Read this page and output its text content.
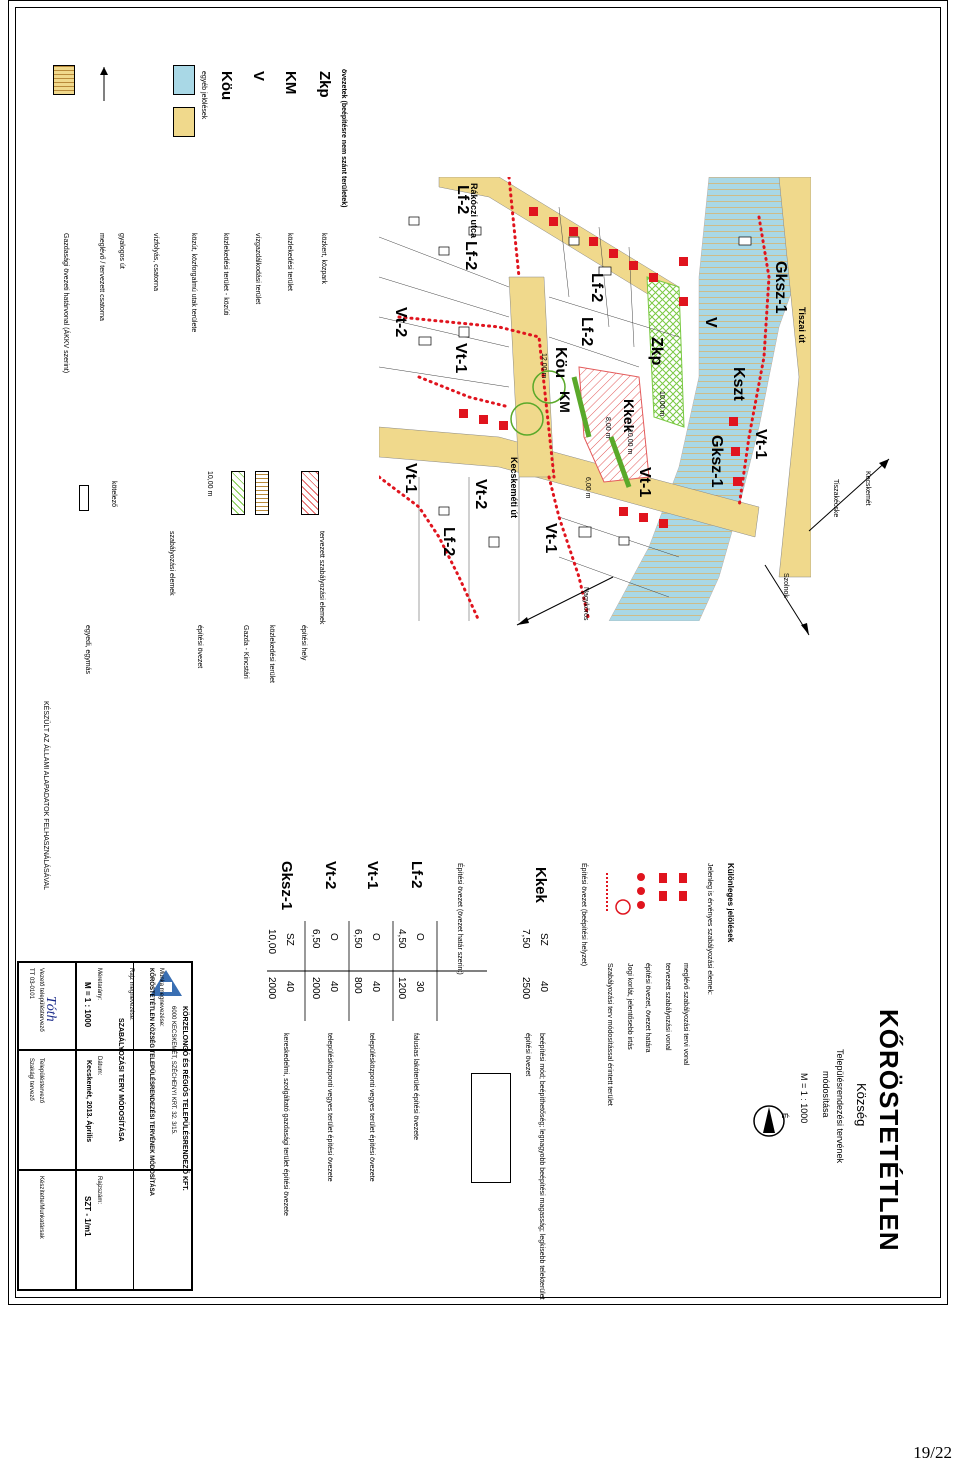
KŐRÖSTETÉTLEN
Község
Településrendezési tervének
módosítása
M = 1 : 1000
É
Különleges jelölések
Jelenleg is érvényes szabályozási elemek:
meglévő szabályozási tervi vonal
tervezett szabályozási vonal
építési övezet, övezet határa
Jogi korlát, jelentősebb irtás
Szabályozási terv módosítással érintett terület
Építési övezet (beépítési helyzet)
Kkek
SZ
40
7,50
2500
beépítési mód; beépíthetőség; legnagyobb beépítési magasság; legkisebb telekterület
építési övezet
Építési övezet (övezet határ szerint)
Lf-2
O
30
4,50
1200
falusias lakóterület építési övezete
Vt-1
O
40
6,50
800
településközponti vegyes terület építési övezete
Vt-2
O
40
6,50
2000
településközponti vegyes terület építési övezete
Gksz-1
SZ
40
10,00
2000
kereskedelmi, szolgáltató gazdasági terület építési övezete
övezetek (beépítésre nem szánt területek)
Zkp
közkert, közpark
KM
közlekedési terület
V
vízgazdálkodási terület
Köu
közlekedési terület - közúti
egyéb jelölések
közút, közforgalmú utak területe
vízfolyás, csatorna
gyalogos út
meglévő / tervezett csatorna
Gazdasági övezeti határvonal (ÁKKV szerint)
tervezett szabályozási elemek
szabályozási elemek
10,00 m
kötelező
építési hely
közlekedési terület
Gazda - Kincstári
építési övezet
egyedi, egymás
KÉSZÜLT AZ ÁLLAMI ALAPADATOK FELHASZNÁLÁSÁVAL
Rákóczi utca
Kecskeméti út
Tiszai út
Lf-2
Lf-2
Lf-2
Lf-2
Vt-2
Vt-1
Vt-1
Vt-2
Köu	Zkp
V
Kkek
KM
Gksz-1
Gksz-1 Vt-1
Kszt
Vt-1
Lf-2	Vt-1
12,00 m
10,00 m
8,00 m
6,00 m
10,00 m
Kecskemét
Tiszakécske
Szolnok
Nagykőrös
KÖRZELONGÓ ÉS RÉGIÓS TELEPÜLÉSRENDEZŐ KFT.
6000 KECSKEMÉT, SZÉCHENYI KRT. 32. 3/15.
Munka megnevezése:
KŐRÖSTETÉTLEN KÖZSÉG TELEPÜLÉSRENDEZÉSI TERVÉNEK MÓDOSÍTÁSA
Rajz megnevezése:
SZABÁLYOZÁSI TERV MÓDOSÍTÁSA
Méretarány:
M = 1 : 1000
Dátum:
Kecskemét, 2013. Április
Rajzszám:
SZT - 1/m1
Vezető településtervező
TT 03-0101
Tóth
Településtervező
Szakági tervező
Készítette/Munkatársak
19/22
